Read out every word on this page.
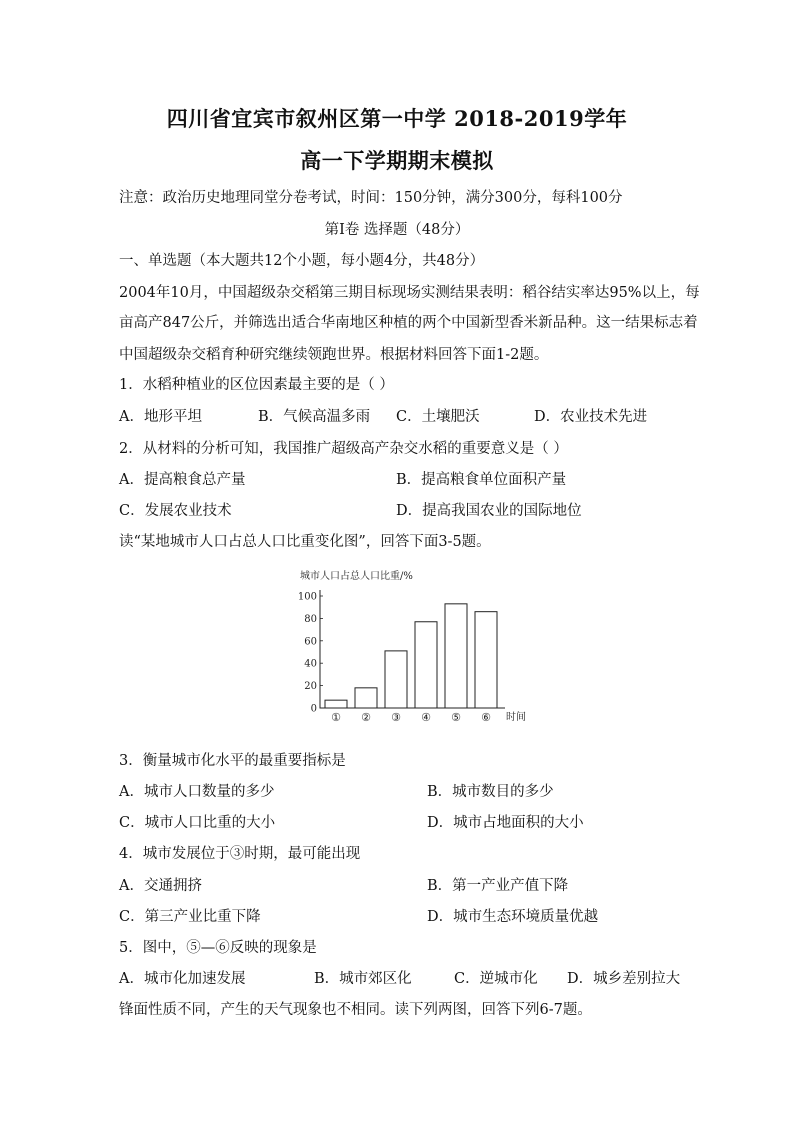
四川省宜宾市叙州区第一中学 2018-2019学年
高一下学期期末模拟
注意：政治历史地理同堂分卷考试，时间：150分钟，满分300分，每科100分
第Ⅰ卷 选择题（48分）
一、单选题（本大题共12个小题，每小题4分，共48分）
2004年10月，中国超级杂交稻第三期目标现场实测结果表明：稻谷结实率达95%以上，每
亩高产847公斤，并筛选出适合华南地区种植的两个中国新型香米新品种。这一结果标志着
中国超级杂交稻育种研究继续领跑世界。根据材料回答下面1-2题。
1．水稻种植业的区位因素最主要的是（ ）
A．地形平坦	B．气候高温多雨 C．土壤肥沃	D．农业技术先进
2．从材料的分析可知，我国推广超级高产杂交水稻的重要意义是（ ）
A．提高粮食总产量	B．提高粮食单位面积产量
C．发展农业技术	D．提高我国农业的国际地位
读“某地城市人口占总人口比重变化图”，回答下面3-5题。
城市人口占总人口比重/%
0
20
40
60
80
100
① ② ③ ④ ⑤ ⑥ 时间
3．衡量城市化水平的最重要指标是
A．城市人口数量的多少	B．城市数目的多少
C．城市人口比重的大小	D．城市占地面积的大小
4．城市发展位于③时期，最可能出现
A．交通拥挤	B．第一产业产值下降
C．第三产业比重下降	D．城市生态环境质量优越
5．图中，⑤—⑥反映的现象是
A．城市化加速发展	B．城市郊区化	C．逆城市化 D．城乡差别拉大
锋面性质不同，产生的天气现象也不相同。读下列两图，回答下列6-7题。
